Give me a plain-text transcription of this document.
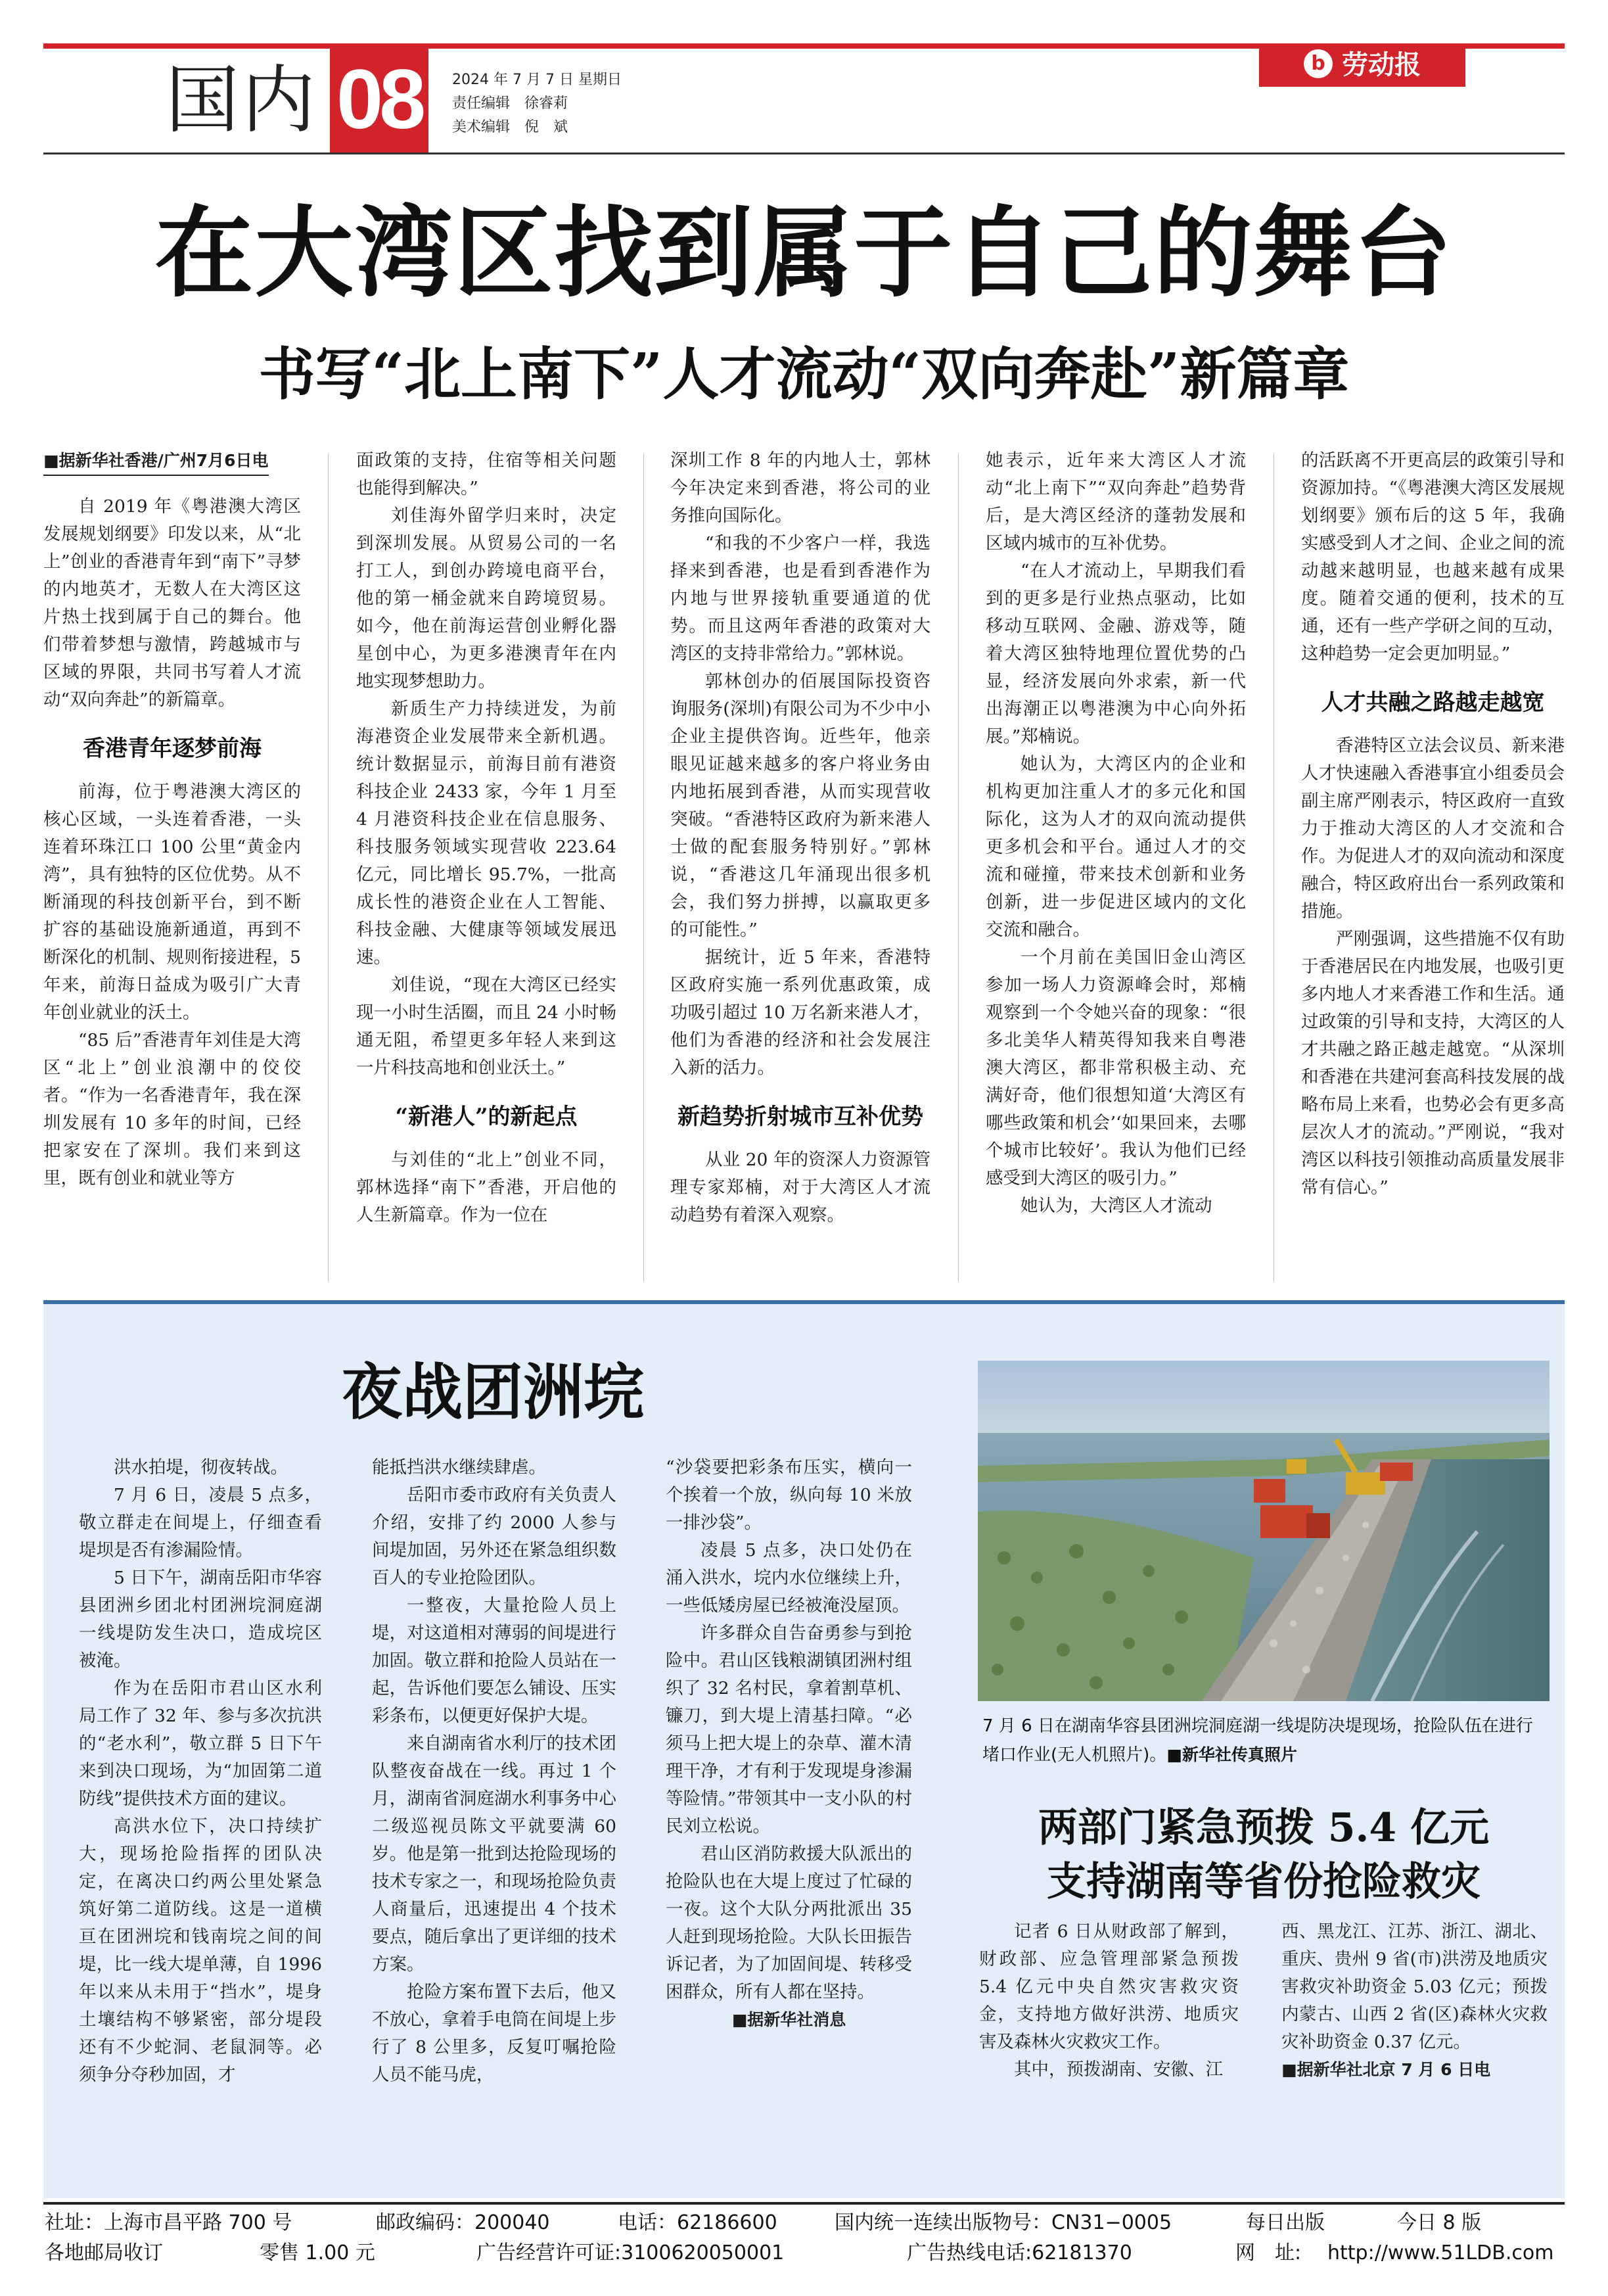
国内 08	2024 年 7 月 7 日 星期日
责任编辑　徐睿莉
美术编辑　倪　斌
b 劳动报
在大湾区找到属于自己的舞台
书写“北上南下”人才流动“双向奔赴”新篇章
■据新华社香港/广州7月6日电

自 2019 年《粤港澳大湾区发展规划纲要》印发以来，从“北上”创业的香港青年到“南下”寻梦的内地英才，无数人在大湾区这片热土找到属于自己的舞台。他们带着梦想与激情，跨越城市与区域的界限，共同书写着人才流动“双向奔赴”的新篇章。

香港青年逐梦前海

前海，位于粤港澳大湾区的核心区域，一头连着香港，一头连着环珠江口 100 公里“黄金内湾”，具有独特的区位优势。从不断涌现的科技创新平台，到不断扩容的基础设施新通道，再到不断深化的机制、规则衔接进程，5 年来，前海日益成为吸引广大青年创业就业的沃土。

“85 后”香港青年刘佳是大湾区“北上”创业浪潮中的佼佼者。“作为一名香港青年，我在深圳发展有 10 多年的时间，已经把家安在了深圳。我们来到这里，既有创业和就业等方

面政策的支持，住宿等相关问题也能得到解决。”

刘佳海外留学归来时，决定到深圳发展。从贸易公司的一名打工人，到创办跨境电商平台，他的第一桶金就来自跨境贸易。如今，他在前海运营创业孵化器星创中心，为更多港澳青年在内地实现梦想助力。

新质生产力持续迸发，为前海港资企业发展带来全新机遇。统计数据显示，前海目前有港资科技企业 2433 家，今年 1 月至 4 月港资科技企业在信息服务、科技服务领域实现营收 223.64 亿元，同比增长 95.7%，一批高成长性的港资企业在人工智能、科技金融、大健康等领域发展迅速。

刘佳说，“现在大湾区已经实现一小时生活圈，而且 24 小时畅通无阻，希望更多年轻人来到这一片科技高地和创业沃土。”

“新港人”的新起点

与刘佳的“北上”创业不同，郭林选择“南下”香港，开启他的人生新篇章。作为一位在

深圳工作 8 年的内地人士，郭林今年决定来到香港，将公司的业务推向国际化。

“和我的不少客户一样，我选择来到香港，也是看到香港作为内地与世界接轨重要通道的优势。而且这两年香港的政策对大湾区的支持非常给力。”郭林说。

郭林创办的佰展国际投资咨询服务(深圳)有限公司为不少中小企业主提供咨询。近些年，他亲眼见证越来越多的客户将业务由内地拓展到香港，从而实现营收突破。“香港特区政府为新来港人士做的配套服务特别好。”郭林说，“香港这几年涌现出很多机会，我们努力拼搏，以赢取更多的可能性。”

据统计，近 5 年来，香港特区政府实施一系列优惠政策，成功吸引超过 10 万名新来港人才，他们为香港的经济和社会发展注入新的活力。

新趋势折射城市互补优势

从业 20 年的资深人力资源管理专家郑楠，对于大湾区人才流动趋势有着深入观察。

她表示，近年来大湾区人才流动“北上南下”“双向奔赴”趋势背后，是大湾区经济的蓬勃发展和区域内城市的互补优势。

“在人才流动上，早期我们看到的更多是行业热点驱动，比如移动互联网、金融、游戏等，随着大湾区独特地理位置优势的凸显，经济发展向外求索，新一代出海潮正以粤港澳为中心向外拓展。”郑楠说。

她认为，大湾区内的企业和机构更加注重人才的多元化和国际化，这为人才的双向流动提供更多机会和平台。通过人才的交流和碰撞，带来技术创新和业务创新，进一步促进区域内的文化交流和融合。

一个月前在美国旧金山湾区参加一场人力资源峰会时，郑楠观察到一个令她兴奋的现象：“很多北美华人精英得知我来自粤港澳大湾区，都非常积极主动、充满好奇，他们很想知道‘大湾区有哪些政策和机会’‘如果回来，去哪个城市比较好’。我认为他们已经感受到大湾区的吸引力。”

她认为，大湾区人才流动

的活跃离不开更高层的政策引导和资源加持。“《粤港澳大湾区发展规划纲要》颁布后的这 5 年，我确实感受到人才之间、企业之间的流动越来越明显，也越来越有成果度。随着交通的便利，技术的互通，还有一些产学研之间的互动，这种趋势一定会更加明显。”

人才共融之路越走越宽

香港特区立法会议员、新来港人才快速融入香港事宜小组委员会副主席严刚表示，特区政府一直致力于推动大湾区的人才交流和合作。为促进人才的双向流动和深度融合，特区政府出台一系列政策和措施。

严刚强调，这些措施不仅有助于香港居民在内地发展，也吸引更多内地人才来香港工作和生活。通过政策的引导和支持，大湾区的人才共融之路正越走越宽。“从深圳和香港在共建河套高科技发展的战略布局上来看，也势必会有更多高层次人才的流动。”严刚说，“我对湾区以科技引领推动高质量发展非常有信心。”

夜战团洲垸

洪水拍堤，彻夜转战。

7 月 6 日，凌晨 5 点多，敬立群走在间堤上，仔细查看堤坝是否有渗漏险情。

5 日下午，湖南岳阳市华容县团洲乡团北村团洲垸洞庭湖一线堤防发生决口，造成垸区被淹。

作为在岳阳市君山区水利局工作了 32 年、参与多次抗洪的“老水利”，敬立群 5 日下午来到决口现场，为“加固第二道防线”提供技术方面的建议。

高洪水位下，决口持续扩大，现场抢险指挥的团队决定，在离决口约两公里处紧急筑好第二道防线。这是一道横亘在团洲垸和钱南垸之间的间堤，比一线大堤单薄，自 1996 年以来从未用于“挡水”，堤身土壤结构不够紧密，部分堤段还有不少蛇洞、老鼠洞等。必须争分夺秒加固，才

能抵挡洪水继续肆虐。

岳阳市委市政府有关负责人介绍，安排了约 2000 人参与间堤加固，另外还在紧急组织数百人的专业抢险团队。

一整夜，大量抢险人员上堤，对这道相对薄弱的间堤进行加固。敬立群和抢险人员站在一起，告诉他们要怎么铺设、压实彩条布，以便更好保护大堤。

来自湖南省水利厅的技术团队整夜奋战在一线。再过 1 个月，湖南省洞庭湖水利事务中心二级巡视员陈文平就要满 60 岁。他是第一批到达抢险现场的技术专家之一，和现场抢险负责人商量后，迅速提出 4 个技术要点，随后拿出了更详细的技术方案。

抢险方案布置下去后，他又不放心，拿着手电筒在间堤上步行了 8 公里多，反复叮嘱抢险人员不能马虎，

“沙袋要把彩条布压实，横向一个挨着一个放，纵向每 10 米放一排沙袋”。

凌晨 5 点多，决口处仍在涌入洪水，垸内水位继续上升，一些低矮房屋已经被淹没屋顶。

许多群众自告奋勇参与到抢险中。君山区钱粮湖镇团洲村组织了 32 名村民，拿着割草机、镰刀，到大堤上清基扫障。“必须马上把大堤上的杂草、灌木清理干净，才有利于发现堤身渗漏等险情。”带领其中一支小队的村民刘立松说。

君山区消防救援大队派出的抢险队也在大堤上度过了忙碌的一夜。这个大队分两批派出 35 人赶到现场抢险。大队长田振告诉记者，为了加固间堤、转移受困群众，所有人都在坚持。

■据新华社消息

7 月 6 日在湖南华容县团洲垸洞庭湖一线堤防决堤现场，抢险队伍在进行堵口作业(无人机照片)。■新华社传真照片
两部门紧急预拨 5.4 亿元
支持湖南等省份抢险救灾

记者 6 日从财政部了解到，财政部、应急管理部紧急预拨 5.4 亿元中央自然灾害救灾资金，支持地方做好洪涝、地质灾害及森林火灾救灾工作。

其中，预拨湖南、安徽、江

西、黑龙江、江苏、浙江、湖北、重庆、贵州 9 省(市)洪涝及地质灾害救灾补助资金 5.03 亿元；预拨内蒙古、山西 2 省(区)森林火灾救灾补助资金 0.37 亿元。

■据新华社北京 7 月 6 日电

社址：上海市昌平路 700 号	邮政编码：200040	电话：62186600	国内统一连续出版物号：CN31−0005	每日出版	今日 8 版
各地邮局收订	零售 1.00 元	广告经营许可证:3100620050001	广告热线电话:62181370	网　址: http://www.51LDB.com
